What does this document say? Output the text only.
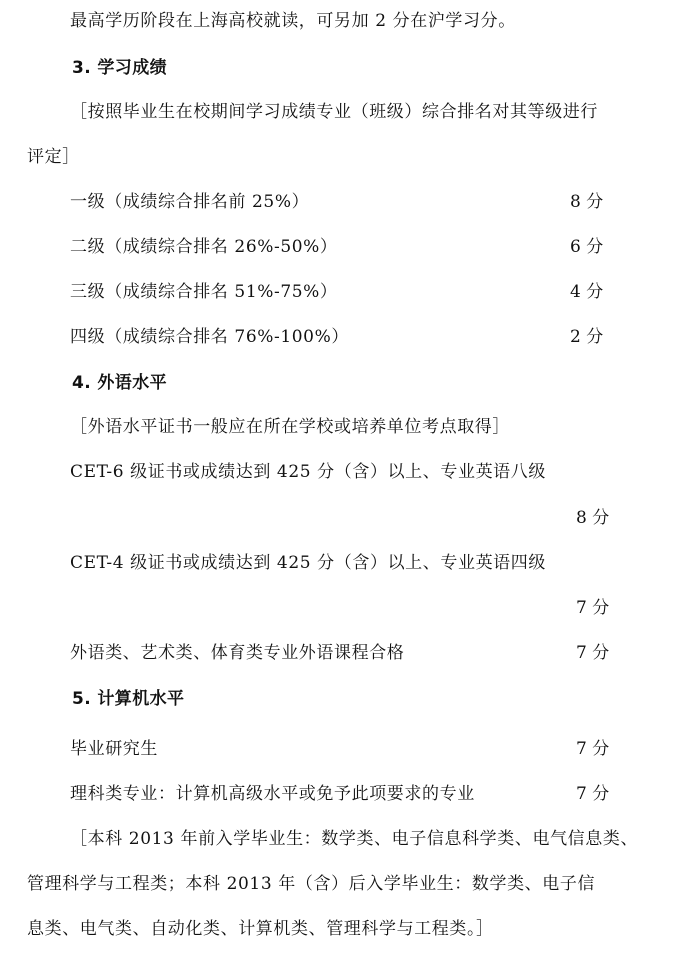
最高学历阶段在上海高校就读，可另加 2 分在沪学习分。
3. 学习成绩
［按照毕业生在校期间学习成绩专业（班级）综合排名对其等级进行
评定］
一级（成绩综合排名前 25%）	8 分
二级（成绩综合排名 26%-50%）	6 分
三级（成绩综合排名 51%-75%）	4 分
四级（成绩综合排名 76%-100%）	2 分
4. 外语水平
［外语水平证书一般应在所在学校或培养单位考点取得］
CET-6 级证书或成绩达到 425 分（含）以上、专业英语八级
8 分
CET-4 级证书或成绩达到 425 分（含）以上、专业英语四级
7 分
外语类、艺术类、体育类专业外语课程合格	7 分
5. 计算机水平
毕业研究生	7 分
理科类专业：计算机高级水平或免予此项要求的专业	7 分
［本科 2013 年前入学毕业生：数学类、电子信息科学类、电气信息类、
管理科学与工程类；本科 2013 年（含）后入学毕业生：数学类、电子信
息类、电气类、自动化类、计算机类、管理科学与工程类。］
